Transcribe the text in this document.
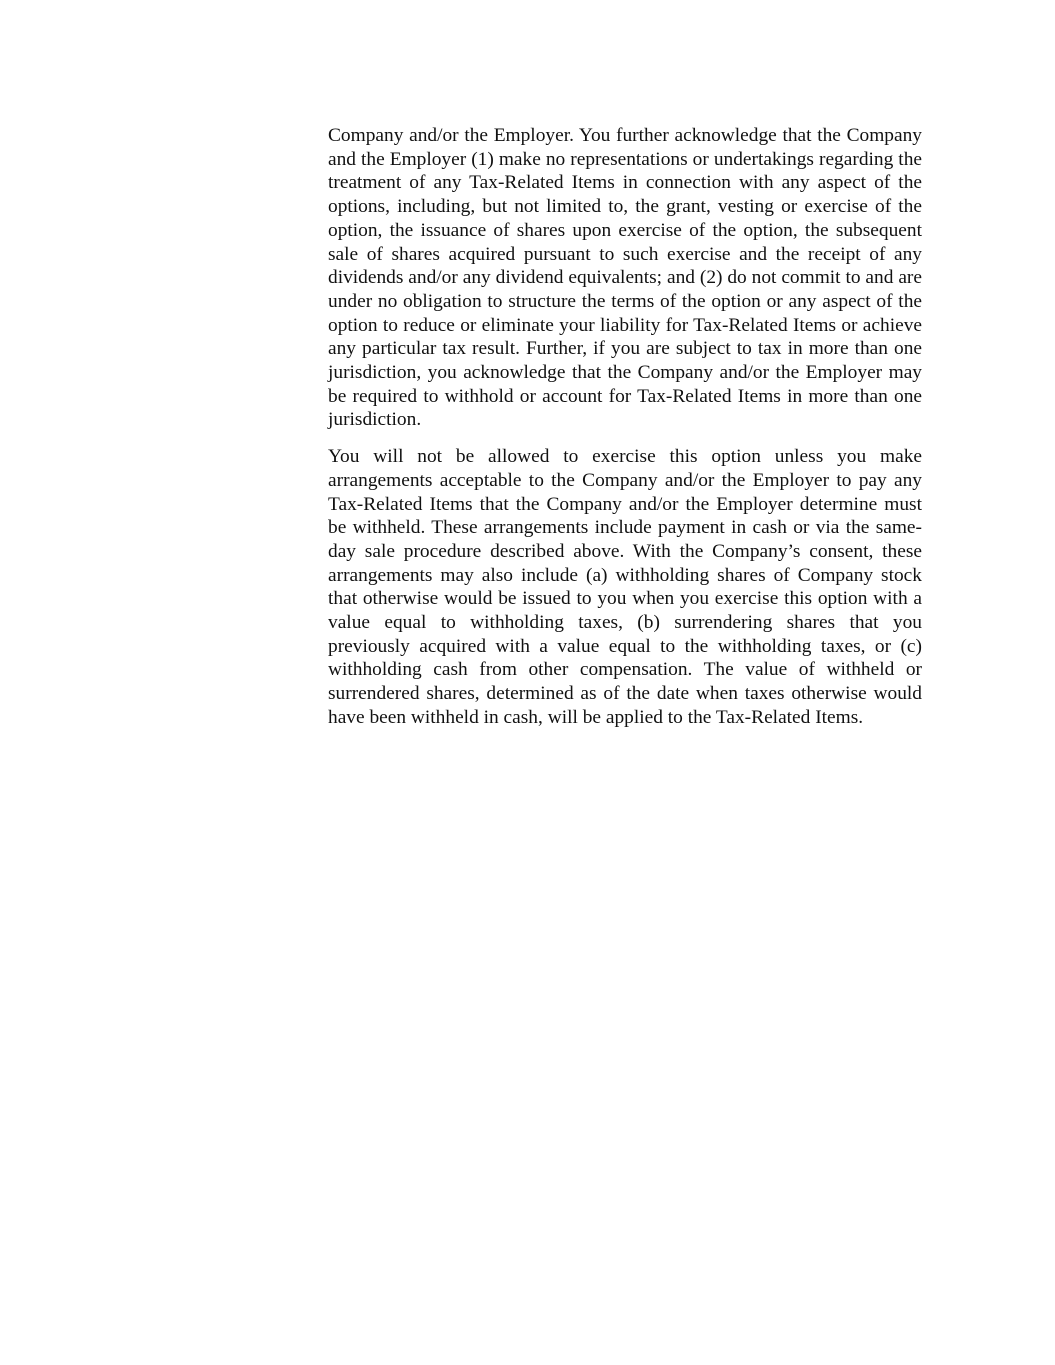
Company and/or the Employer. You further acknowledge that the Company and the Employer (1) make no representations or undertakings regarding the treatment of any Tax-Related Items in connection with any aspect of the options, including, but not limited to, the grant, vesting or exercise of the option, the issuance of shares upon exercise of the option, the subsequent sale of shares acquired pursuant to such exercise and the receipt of any dividends and/or any dividend equivalents; and (2) do not commit to and are under no obligation to structure the terms of the option or any aspect of the option to reduce or eliminate your liability for Tax-Related Items or achieve any particular tax result. Further, if you are subject to tax in more than one jurisdiction, you acknowledge that the Company and/or the Employer may be required to withhold or account for Tax-Related Items in more than one jurisdiction.

You will not be allowed to exercise this option unless you make arrangements acceptable to the Company and/or the Employer to pay any Tax-Related Items that the Company and/or the Employer determine must be withheld. These arrangements include payment in cash or via the same-day sale procedure described above. With the Company’s consent, these arrangements may also include (a) withholding shares of Company stock that otherwise would be issued to you when you exercise this option with a value equal to withholding taxes, (b) surrendering shares that you previously acquired with a value equal to the withholding taxes, or (c) withholding cash from other compensation. The value of withheld or surrendered shares, determined as of the date when taxes otherwise would have been withheld in cash, will be applied to the Tax-Related Items.
